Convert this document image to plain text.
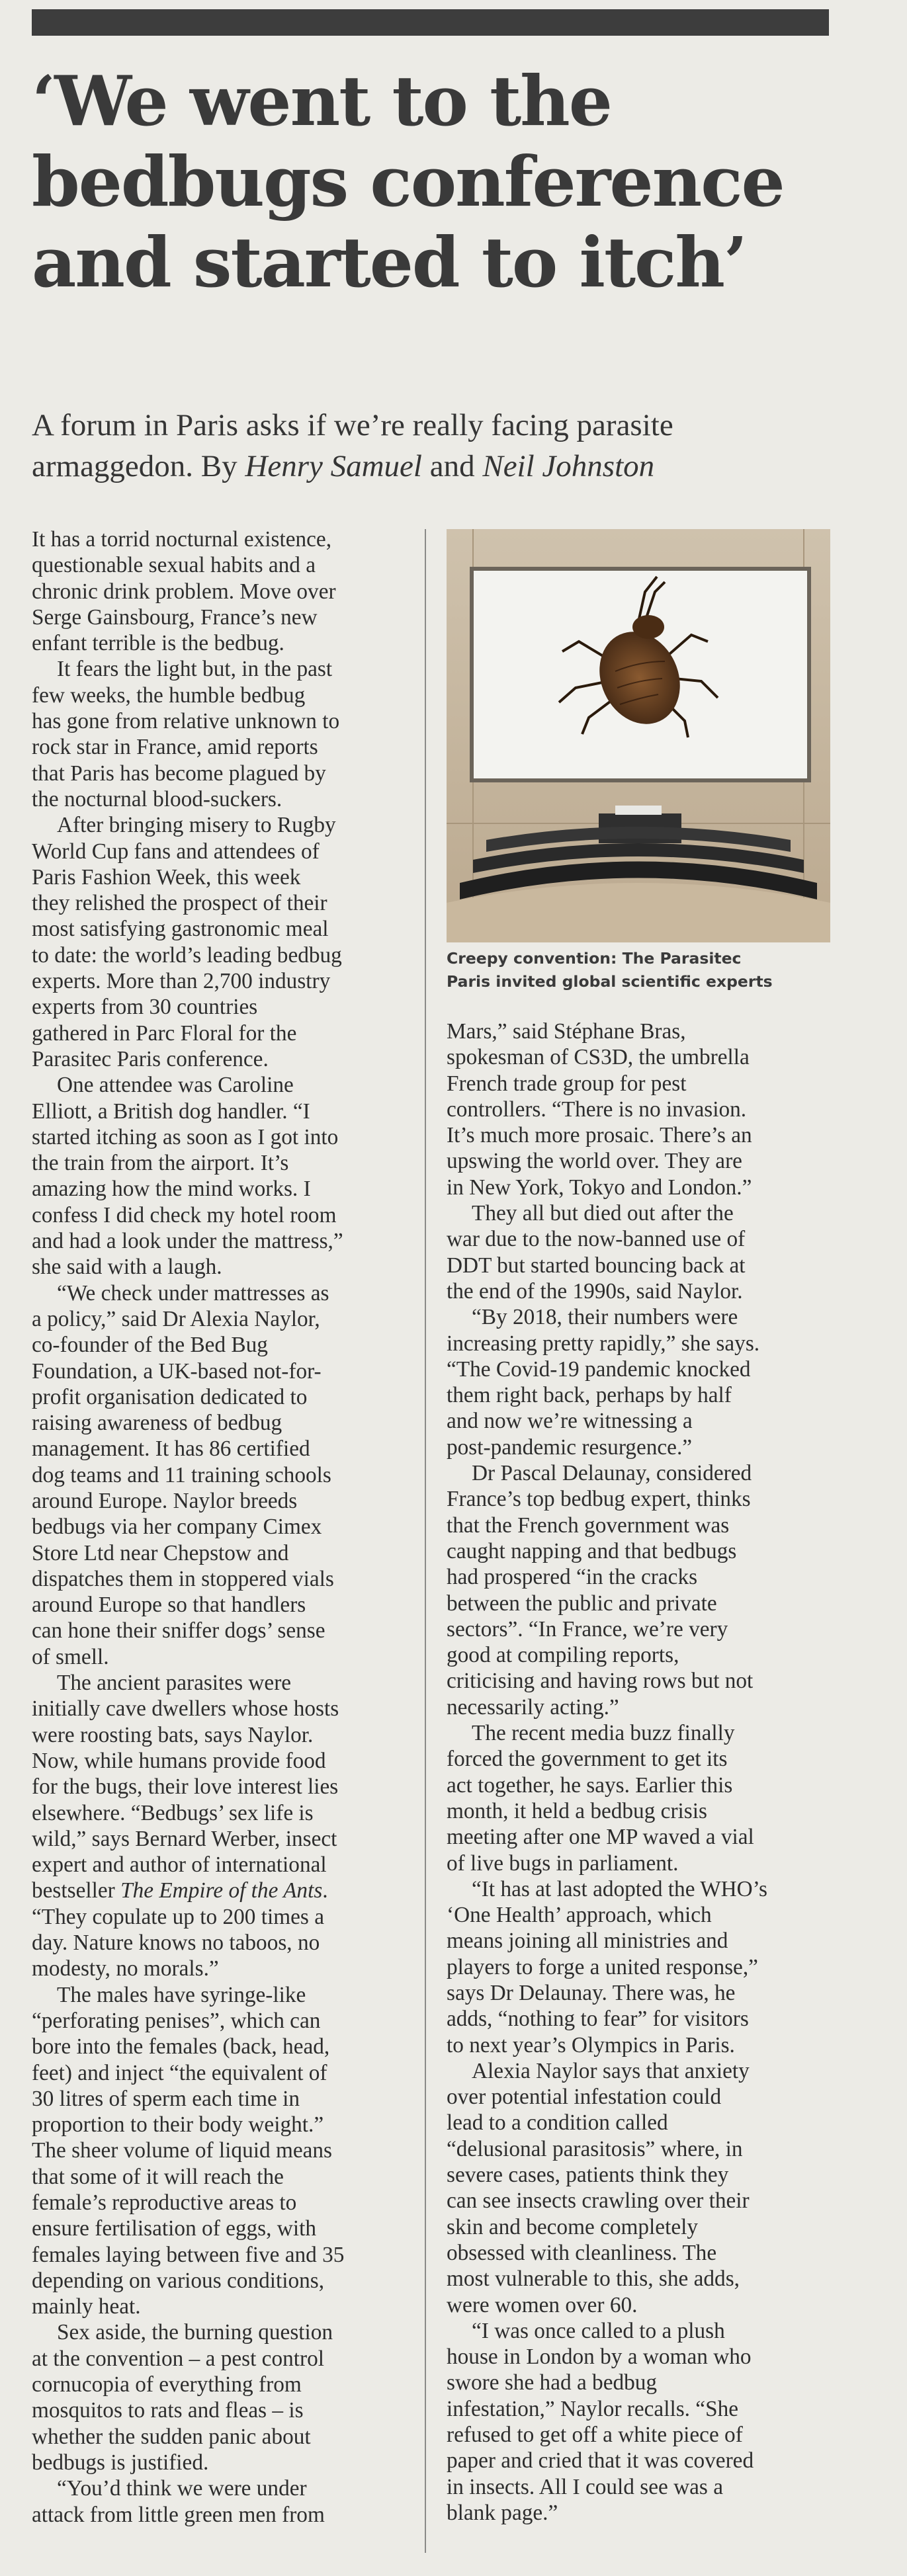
‘We went to the
bedbugs conference
and started to itch’
A forum in Paris asks if we’re really facing parasite
armaggedon. By Henry Samuel and Neil Johnston
It has a torrid nocturnal existence,
questionable sexual habits and a
chronic drink problem. Move over
Serge Gainsbourg, France’s new
enfant terrible is the bedbug.
It fears the light but, in the past
few weeks, the humble bedbug
has gone from relative unknown to
rock star in France, amid reports
that Paris has become plagued by
the nocturnal blood-suckers.
After bringing misery to Rugby
World Cup fans and attendees of
Paris Fashion Week, this week
they relished the prospect of their
most satisfying gastronomic meal
to date: the world’s leading bedbug
experts. More than 2,700 industry
experts from 30 countries
gathered in Parc Floral for the
Parasitec Paris conference.
One attendee was Caroline
Elliott, a British dog handler. “I
started itching as soon as I got into
the train from the airport. It’s
amazing how the mind works. I
confess I did check my hotel room
and had a look under the mattress,”
she said with a laugh.
“We check under mattresses as
a policy,” said Dr Alexia Naylor,
co-founder of the Bed Bug
Foundation, a UK-based not-for-
profit organisation dedicated to
raising awareness of bedbug
management. It has 86 certified
dog teams and 11 training schools
around Europe. Naylor breeds
bedbugs via her company Cimex
Store Ltd near Chepstow and
dispatches them in stoppered vials
around Europe so that handlers
can hone their sniffer dogs’ sense
of smell.
The ancient parasites were
initially cave dwellers whose hosts
were roosting bats, says Naylor.
Now, while humans provide food
for the bugs, their love interest lies
elsewhere. “Bedbugs’ sex life is
wild,” says Bernard Werber, insect
expert and author of international
bestseller The Empire of the Ants.
“They copulate up to 200 times a
day. Nature knows no taboos, no
modesty, no morals.”
The males have syringe-like
“perforating penises”, which can
bore into the females (back, head,
feet) and inject “the equivalent of
30 litres of sperm each time in
proportion to their body weight.”
The sheer volume of liquid means
that some of it will reach the
female’s reproductive areas to
ensure fertilisation of eggs, with
females laying between five and 35
depending on various conditions,
mainly heat.
Sex aside, the burning question
at the convention – a pest control
cornucopia of everything from
mosquitos to rats and fleas – is
whether the sudden panic about
bedbugs is justified.
“You’d think we were under
attack from little green men from
Creepy convention: The Parasitec
Paris invited global scientific experts
Mars,” said Stéphane Bras,
spokesman of CS3D, the umbrella
French trade group for pest
controllers. “There is no invasion.
It’s much more prosaic. There’s an
upswing the world over. They are
in New York, Tokyo and London.”
They all but died out after the
war due to the now-banned use of
DDT but started bouncing back at
the end of the 1990s, said Naylor.
“By 2018, their numbers were
increasing pretty rapidly,” she says.
“The Covid-19 pandemic knocked
them right back, perhaps by half
and now we’re witnessing a
post-pandemic resurgence.”
Dr Pascal Delaunay, considered
France’s top bedbug expert, thinks
that the French government was
caught napping and that bedbugs
had prospered “in the cracks
between the public and private
sectors”. “In France, we’re very
good at compiling reports,
criticising and having rows but not
necessarily acting.”
The recent media buzz finally
forced the government to get its
act together, he says. Earlier this
month, it held a bedbug crisis
meeting after one MP waved a vial
of live bugs in parliament.
“It has at last adopted the WHO’s
‘One Health’ approach, which
means joining all ministries and
players to forge a united response,”
says Dr Delaunay. There was, he
adds, “nothing to fear” for visitors
to next year’s Olympics in Paris.
Alexia Naylor says that anxiety
over potential infestation could
lead to a condition called
“delusional parasitosis” where, in
severe cases, patients think they
can see insects crawling over their
skin and become completely
obsessed with cleanliness. The
most vulnerable to this, she adds,
were women over 60.
“I was once called to a plush
house in London by a woman who
swore she had a bedbug
infestation,” Naylor recalls. “She
refused to get off a white piece of
paper and cried that it was covered
in insects. All I could see was a
blank page.”
